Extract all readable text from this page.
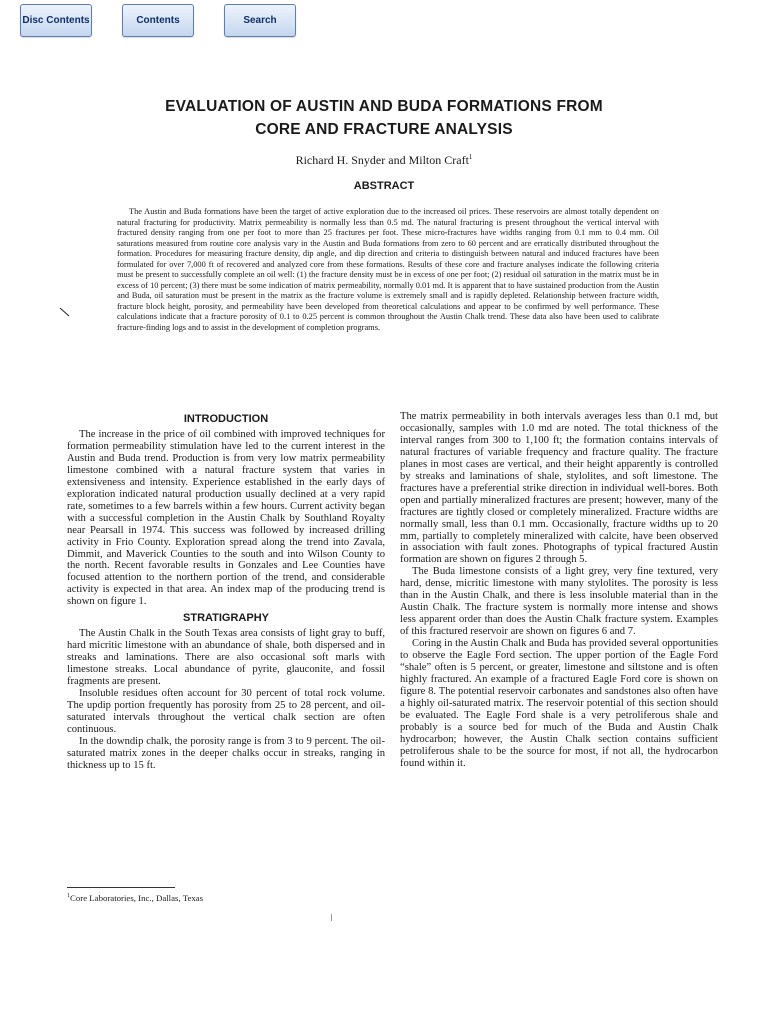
Disc Contents	Contents	Search
EVALUATION OF AUSTIN AND BUDA FORMATIONS FROM
CORE AND FRACTURE ANALYSIS
Richard H. Snyder and Milton Craft$^1$
ABSTRACT
The Austin and Buda formations have been the target of active exploration due to the increased oil prices. These reservoirs are almost totally dependent on natural fracturing for productivity. Matrix permeability is normally less than 0.5 md. The natural fracturing is present throughout the vertical interval with fractured density ranging from one per foot to more than 25 fractures per foot. These micro-fractures have widths ranging from 0.1 mm to 0.4 mm. Oil saturations measured from routine core analysis vary in the Austin and Buda formations from zero to 60 percent and are erratically distributed throughout the formation. Procedures for measuring fracture density, dip angle, and dip direction and criteria to distinguish between natural and induced fractures have been formulated for over 7,000 ft of recovered and analyzed core from these formations. Results of these core and fracture analyses indicate the following criteria must be present to successfully complete an oil well: (1) the fracture density must be in excess of one per foot; (2) residual oil saturation in the matrix must be in excess of 10 percent; (3) there must be some indication of matrix permeability, normally 0.01 md. It is apparent that to have sustained production from the Austin and Buda, oil saturation must be present in the matrix as the fracture volume is extremely small and is rapidly depleted. Relationship between fracture width, fracture block height, porosity, and permeability have been developed from theoretical calculations and appear to be confirmed by well performance. These calculations indicate that a fracture porosity of 0.1 to 0.25 percent is common throughout the Austin Chalk trend. These data also have been used to calibrate fracture-finding logs and to assist in the development of completion programs.
INTRODUCTION

The increase in the price of oil combined with improved techniques for formation permeability stimulation have led to the current interest in the Austin and Buda trend. Production is from very low matrix permeability limestone combined with a natural fracture system that varies in extensiveness and intensity. Experience established in the early days of exploration indicated natural production usually declined at a very rapid rate, sometimes to a few barrels within a few hours. Current activity began with a successful completion in the Austin Chalk by Southland Royalty near Pearsall in 1974. This success was followed by increased drilling activity in Frio County. Exploration spread along the trend into Zavala, Dimmit, and Maverick Counties to the south and into Wilson County to the north. Recent favorable results in Gonzales and Lee Counties have focused attention to the northern portion of the trend, and considerable activity is expected in that area. An index map of the producing trend is shown on figure 1.

STRATIGRAPHY

The Austin Chalk in the South Texas area consists of light gray to buff, hard micritic limestone with an abundance of shale, both dispersed and in streaks and laminations. There are also occasional soft marls with limestone streaks. Local abundance of pyrite, glauconite, and fossil fragments are present.

Insoluble residues often account for 30 percent of total rock volume. The updip portion frequently has porosity from 25 to 28 percent, and oil-saturated intervals throughout the vertical chalk section are often continuous.

In the downdip chalk, the porosity range is from 3 to 9 percent. The oil-saturated matrix zones in the deeper chalks occur in streaks, ranging in thickness up to 15 ft.

The matrix permeability in both intervals averages less than 0.1 md, but occasionally, samples with 1.0 md are noted. The total thickness of the interval ranges from 300 to 1,100 ft; the formation contains intervals of natural fractures of variable frequency and fracture quality. The fracture planes in most cases are vertical, and their height apparently is controlled by streaks and laminations of shale, stylolites, and soft limestone. The fractures have a preferential strike direction in individual well-bores. Both open and partially mineralized fractures are present; however, many of the fractures are tightly closed or completely mineralized. Fracture widths are normally small, less than 0.1 mm. Occasionally, fracture widths up to 20 mm, partially to completely mineralized with calcite, have been observed in association with fault zones. Photographs of typical fractured Austin formation are shown on figures 2 through 5.

The Buda limestone consists of a light grey, very fine textured, very hard, dense, micritic limestone with many stylolites. The porosity is less than in the Austin Chalk, and there is less insoluble material than in the Austin Chalk. The fracture system is normally more intense and shows less apparent order than does the Austin Chalk fracture system. Examples of this fractured reservoir are shown on figures 6 and 7.

Coring in the Austin Chalk and Buda has provided several opportunities to observe the Eagle Ford section. The upper portion of the Eagle Ford “shale” often is 5 percent, or greater, limestone and siltstone and is often highly fractured. An example of a fractured Eagle Ford core is shown on figure 8. The potential reservoir carbonates and sandstones also often have a highly oil-saturated matrix. The reservoir potential of this section should be evaluated. The Eagle Ford shale is a very petroliferous shale and probably is a source bed for much of the Buda and Austin Chalk hydrocarbon; however, the Austin Chalk section contains sufficient petroliferous shale to be the source for most, if not all, the hydrocarbon found within it.

$^1$Core Laboratories, Inc., Dallas, Texas
